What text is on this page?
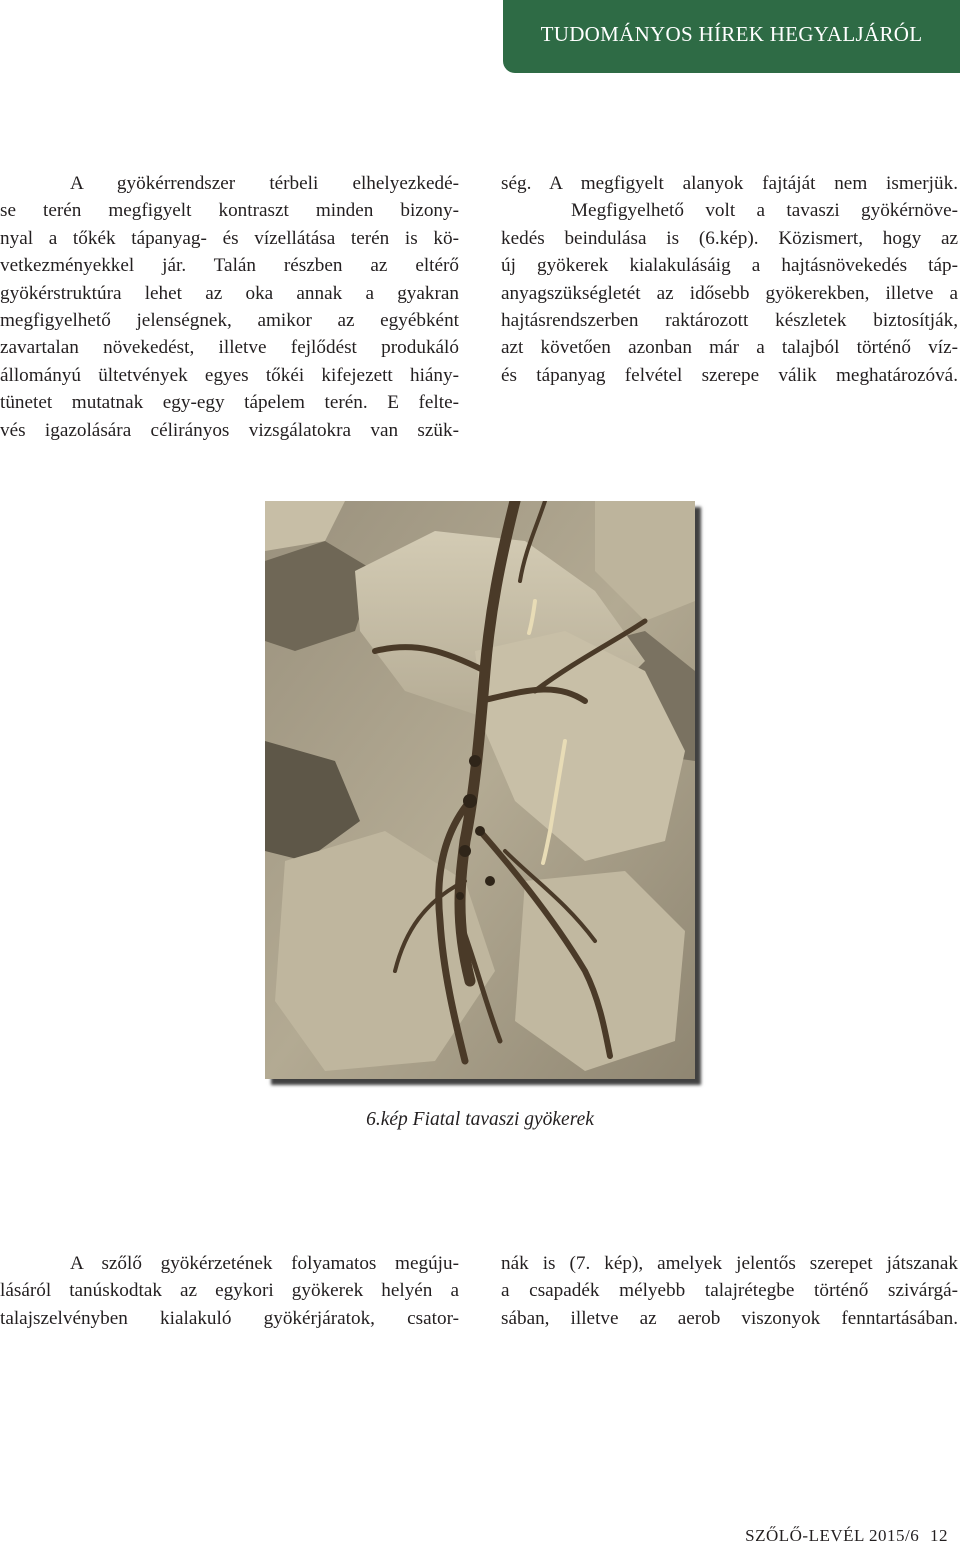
TUDOMÁNYOS HÍREK HEGYALJÁRÓL
A gyökérrendszer térbeli elhelyezkedé-
se terén megfigyelt kontraszt minden bizony-
nyal a tőkék tápanyag- és vízellátása terén is kö-
vetkezményekkel jár. Talán részben az eltérő
gyökérstruktúra lehet az oka annak a gyakran
megfigyelhető jelenségnek, amikor az egyébként
zavartalan növekedést, illetve fejlődést produkáló
állományú ültetvények egyes tőkéi kifejezett hiány-
tünetet mutatnak egy-egy tápelem terén. E felte-
vés igazolására célirányos vizsgálatokra van szük-
ség. A megfigyelt alanyok fajtáját nem ismerjük.
Megfigyelhető volt a tavaszi gyökérnöve-
kedés beindulása is (6.kép). Közismert, hogy az
új gyökerek kialakulásáig a hajtásnövekedés táp-
anyagszükségletét az idősebb gyökerekben, illetve a
hajtásrendszerben raktározott készletek biztosítják,
azt követően azonban már a talajból történő víz-
és tápanyag felvétel szerepe válik meghatározóvá.

6.kép Fiatal tavaszi gyökerek

A szőlő gyökérzetének folyamatos megúju-
lásáról tanúskodtak az egykori gyökerek helyén a
talajszelvényben kialakuló gyökérjáratok, csator-
nák is (7. kép), amelyek jelentős szerepet játszanak
a csapadék mélyebb talajrétegbe történő szivárgá-
sában, illetve az aerob viszonyok fenntartásában.
SZŐLŐ-LEVÉL 2015/6 12
